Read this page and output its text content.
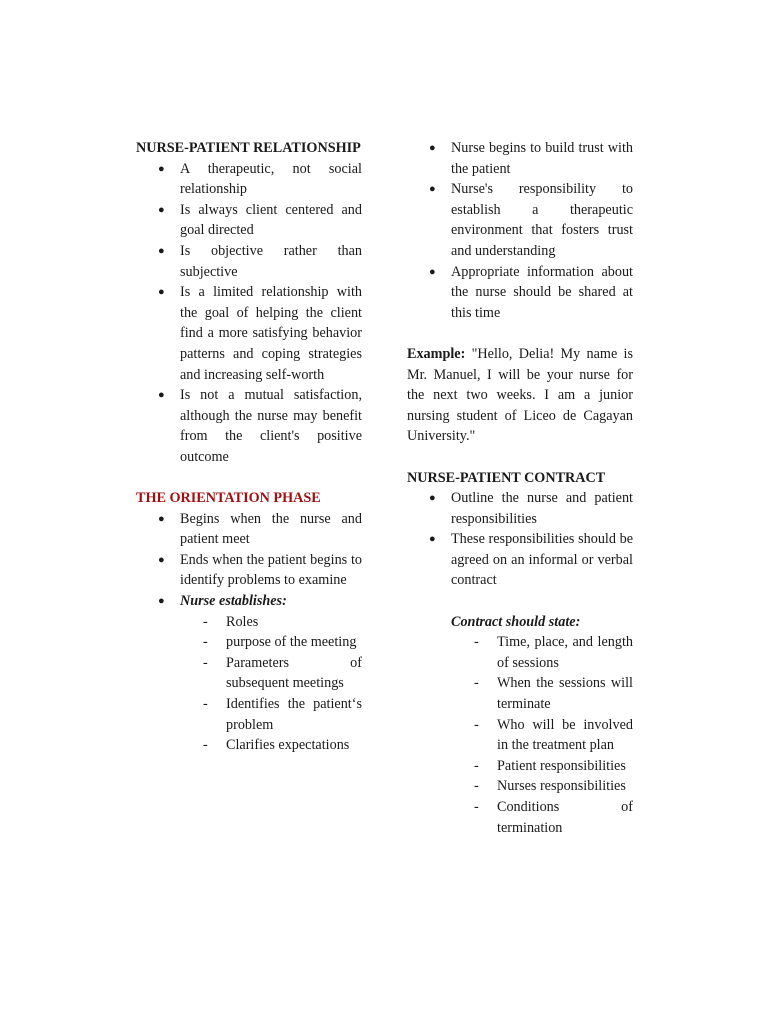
NURSE-PATIENT RELATIONSHIP

● A therapeutic, not social relationship
● Is always client centered and goal directed
● Is objective rather than subjective
● Is a limited relationship with the goal of helping the client find a more satisfying behavior patterns and coping strategies and increasing self-worth
● Is not a mutual satisfaction, although the nurse may benefit from the client's positive outcome

THE ORIENTATION PHASE

● Begins when the nurse and patient meet
● Ends when the patient begins to identify problems to examine
● Nurse establishes:
- Roles
- purpose of the meeting
- Parameters of subsequent meetings
- Identifies the patient‘s problem
- Clarifies expectations
● Nurse begins to build trust with the patient
● Nurse's responsibility to establish a therapeutic environment that fosters trust and understanding
● Appropriate information about the nurse should be shared at this time

Example: "Hello, Delia! My name is Mr. Manuel, I will be your nurse for the next two weeks. I am a junior nursing student of Liceo de Cagayan University."

NURSE-PATIENT CONTRACT

● Outline the nurse and patient responsibilities
● These responsibilities should be agreed on an informal or verbal contract

Contract should state:

- Time, place, and length of sessions
- When the sessions will terminate
- Who will be involved in the treatment plan
- Patient responsibilities
- Nurses responsibilities
- Conditions of termination
